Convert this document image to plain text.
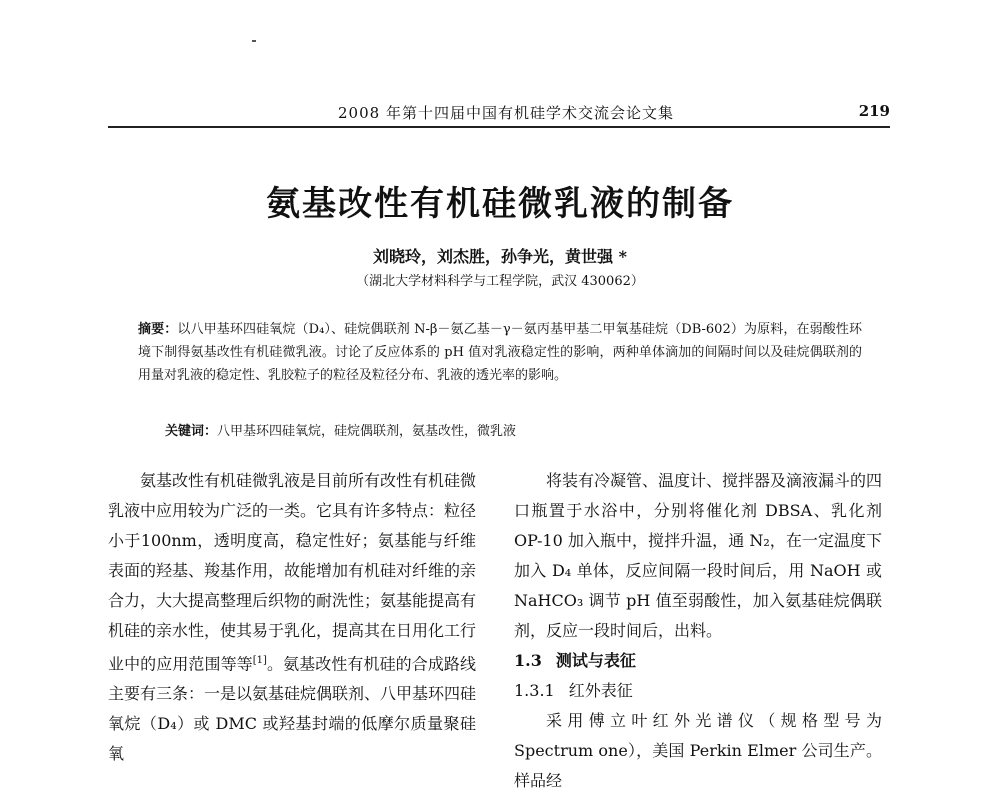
2008 年第十四届中国有机硅学术交流会论文集	219
氨基改性有机硅微乳液的制备
刘晓玲，刘杰胜，孙争光，黄世强 *
（湖北大学材料科学与工程学院，武汉 430062）
摘要：以八甲基环四硅氧烷（D₄）、硅烷偶联剂 N-β－氨乙基－γ－氨丙基甲基二甲氧基硅烷（DB-602）为原料，在弱酸性环境下制得氨基改性有机硅微乳液。讨论了反应体系的 pH 值对乳液稳定性的影响，两种单体滴加的间隔时间以及硅烷偶联剂的用量对乳液的稳定性、乳胶粒子的粒径及粒径分布、乳液的透光率的影响。
关键词：八甲基环四硅氧烷，硅烷偶联剂，氨基改性，微乳液

氨基改性有机硅微乳液是目前所有改性有机硅微乳液中应用较为广泛的一类。它具有许多特点：粒径小于100nm，透明度高，稳定性好；氨基能与纤维表面的羟基、羧基作用，故能增加有机硅对纤维的亲合力，大大提高整理后织物的耐洗性；氨基能提高有机硅的亲水性，使其易于乳化，提高其在日用化工行业中的应用范围等等[1]。氨基改性有机硅的合成路线主要有三条：一是以氨基硅烷偶联剂、八甲基环四硅氧烷（D₄）或 DMC 或羟基封端的低摩尔质量聚硅氧

将装有冷凝管、温度计、搅拌器及滴液漏斗的四口瓶置于水浴中，分别将催化剂 DBSA、乳化剂 OP-10 加入瓶中，搅拌升温，通 N₂，在一定温度下加入 D₄ 单体，反应间隔一段时间后，用 NaOH 或 NaHCO₃ 调节 pH 值至弱酸性，加入氨基硅烷偶联剂，反应一段时间后，出料。

1.3 测试与表征
1.3.1 红外表征

采用傅立叶红外光谱仪（规格型号为 Spectrum one），美国 Perkin Elmer 公司生产。样品经
